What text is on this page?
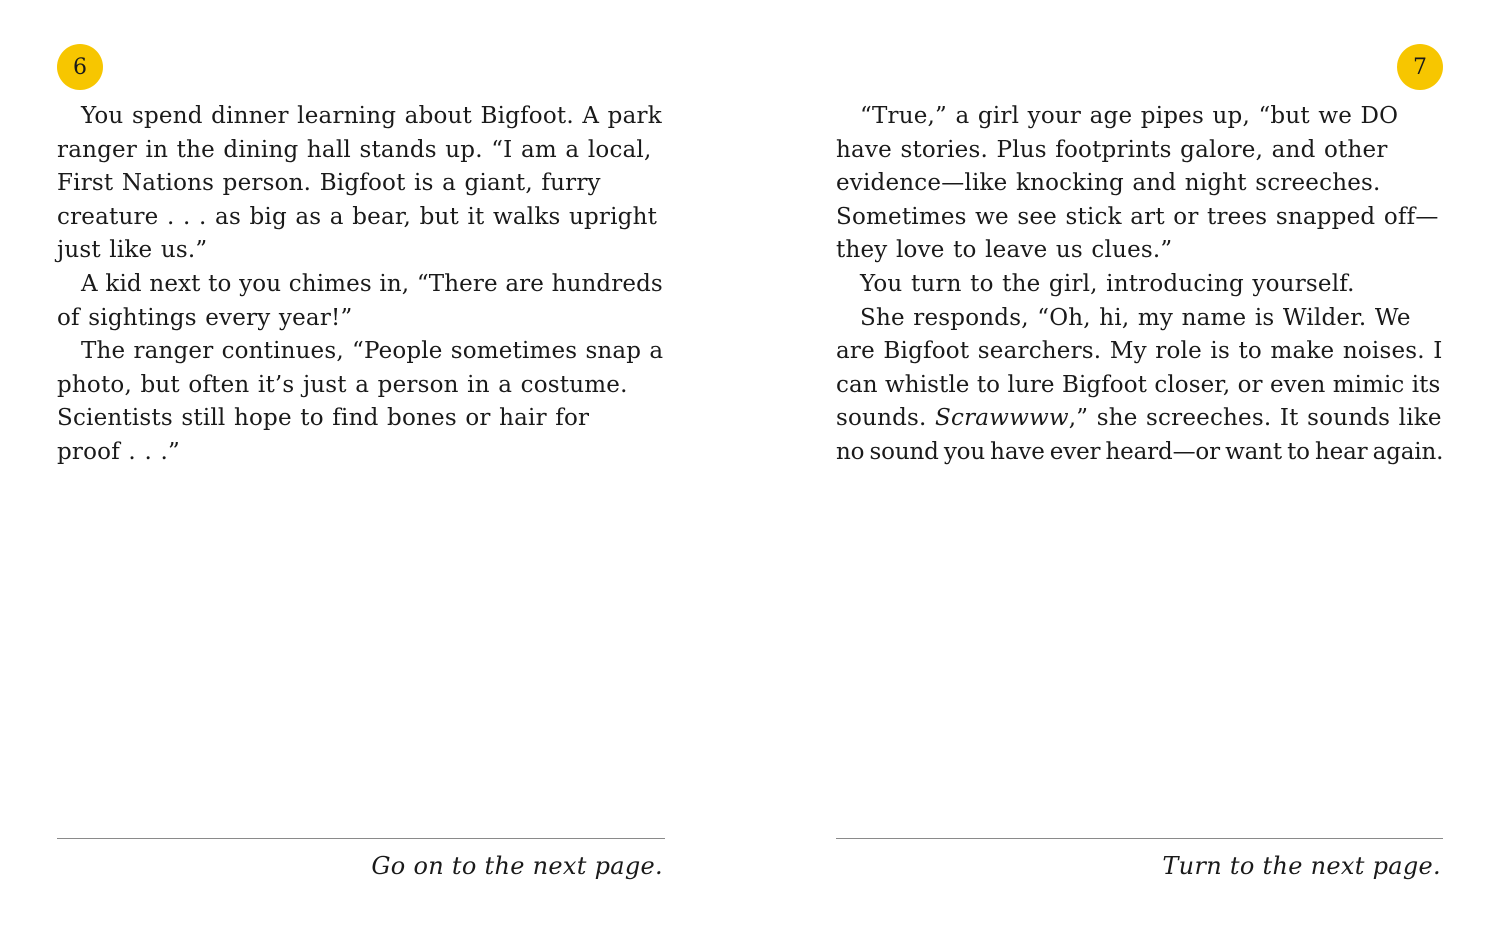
6
You spend dinner learning about Bigfoot. A park
ranger in the dining hall stands up. “I am a local,
First Nations person. Bigfoot is a giant, furry
creature . . . as big as a bear, but it walks upright
just like us.”
A kid next to you chimes in, “There are hundreds
of sightings every year!”
The ranger continues, “People sometimes snap a
photo, but often it’s just a person in a costume.
Scientists still hope to find bones or hair for
proof . . .”
Go on to the next page.
7
“True,” a girl your age pipes up, “but we DO
have stories. Plus footprints galore, and other
evidence—like knocking and night screeches.
Sometimes we see stick art or trees snapped off—
they love to leave us clues.”
You turn to the girl, introducing yourself.
She responds, “Oh, hi, my name is Wilder. We
are Bigfoot searchers. My role is to make noises. I
can whistle to lure Bigfoot closer, or even mimic its
sounds. Scrawwww,” she screeches. It sounds like
no sound you have ever heard—or want to hear again.
Turn to the next page.
